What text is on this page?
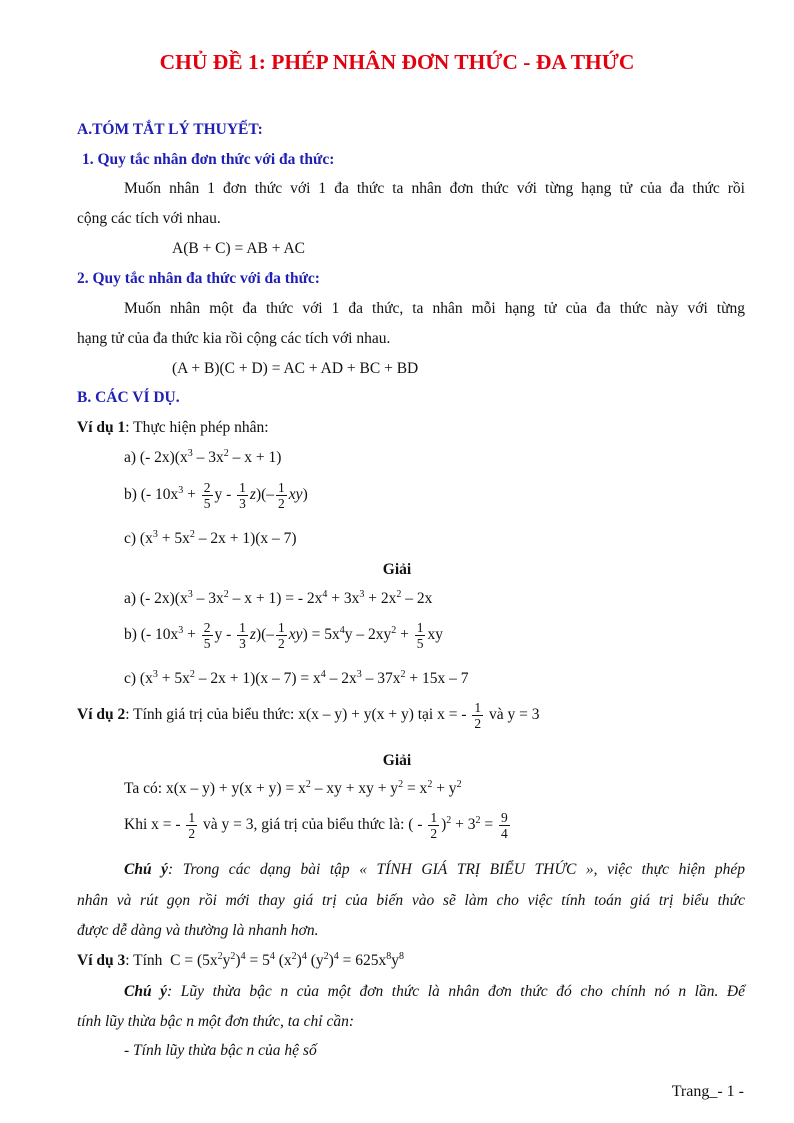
CHỦ ĐỀ 1: PHÉP NHÂN ĐƠN THỨC - ĐA THỨC
A.TÓM TẮT LÝ THUYẾT:
1. Quy tắc nhân đơn thức với đa thức:
Muốn nhân 1 đơn thức với 1 đa thức ta nhân đơn thức với từng hạng tử của đa thức rồi
cộng các tích với nhau.
A(B + C) = AB + AC
2. Quy tắc nhân đa thức với đa thức:
Muốn nhân một đa thức với 1 đa thức, ta nhân mỗi hạng tử của đa thức này với từng
hạng tử của đa thức kia rồi cộng các tích với nhau.
(A + B)(C + D) = AC + AD + BC + BD
B. CÁC VÍ DỤ.
Ví dụ 1: Thực hiện phép nhân:
a) (- $2x)(x^3 - 3x^2 - x + 1)$
b) (- $10x^3 + \frac{2}{5}$ y - $\frac{1}{3} z)(- \frac{1}{2} xy)$
c) $(x^3 + 5x^2 - 2x + 1)(x - 7)$
Giải
a) (- $2x)(x^3 - 3x^2 - x + 1)$ = - $2x^4 + 3x^3 + 2x^2 - 2x$
b) (- $10x^3 + \frac{2}{5}$ $y - \frac{1}{3} z)(- \frac{1}{2} xy) = 5x^4y - 2xy^2 + \frac{1}{5}$ xy
c) $(x^3 + 5x^2 - 2x + 1)(x - 7) = x^4 - 2x^3 - 37x^2 + 15x - 7$
Ví dụ 2: Tính giá trị của biểu thức: x(x – y) + y(x + y) tại x = - $\frac{1}{2}$ và y = 3
Giải
Ta có: $x(x - y) + y(x + y) = x^2$ – xy + xy + $y^2 = x^2 + y^2$
Khi x = - $\frac{1}{2}$ và y = 3, giá trị của biểu thức là: ( - $\frac{1}{2} )^2 + 3^2 = \frac{9}{4}$
Chú ý: Trong các dạng bài tập « TÍNH GIÁ TRỊ BIỂU THỨC », việc thực hiện phép
nhân và rút gọn rồi mới thay giá trị của biến vào sẽ làm cho việc tính toán giá trị biểu thức
được dễ dàng và thường là nhanh hơn.
Ví dụ 3: Tính  $C = (5x^2y^2)^4 = 5^4$ $(x^2)^4$ $(y^2)^4 = 625x^8y^8$
Chú ý: Lũy thừa bậc n của một đơn thức là nhân đơn thức đó cho chính nó n lần. Để
tính lũy thừa bậc n một đơn thức, ta chỉ cần:
- Tính lũy thừa bậc n của hệ số
Trang_- 1 -
